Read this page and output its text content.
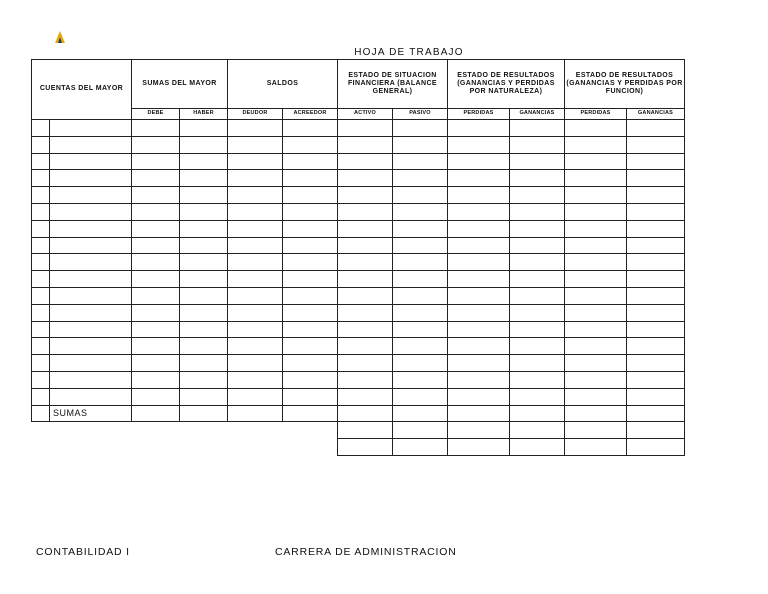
HOJA DE TRABAJO
CUENTAS DEL MAYOR		SUMAS DEL MAYOR		SALDOS		ESTADO DE SITUACION FINANCIERA (BALANCE GENERAL)		ESTADO DE RESULTADOS (GANANCIAS Y PERDIDAS POR NATURALEZA)		ESTADO DE RESULTADOS (GANANCIAS Y PERDIDAS POR FUNCION)	
		DEBE	HABER	DEUDOR	ACREEDOR	ACTIVO	PASIVO	PERDIDAS	GANANCIAS	PERDIDAS	GANANCIAS

	SUMAS										

CONTABILIDAD I	CARRERA DE ADMINISTRACION
